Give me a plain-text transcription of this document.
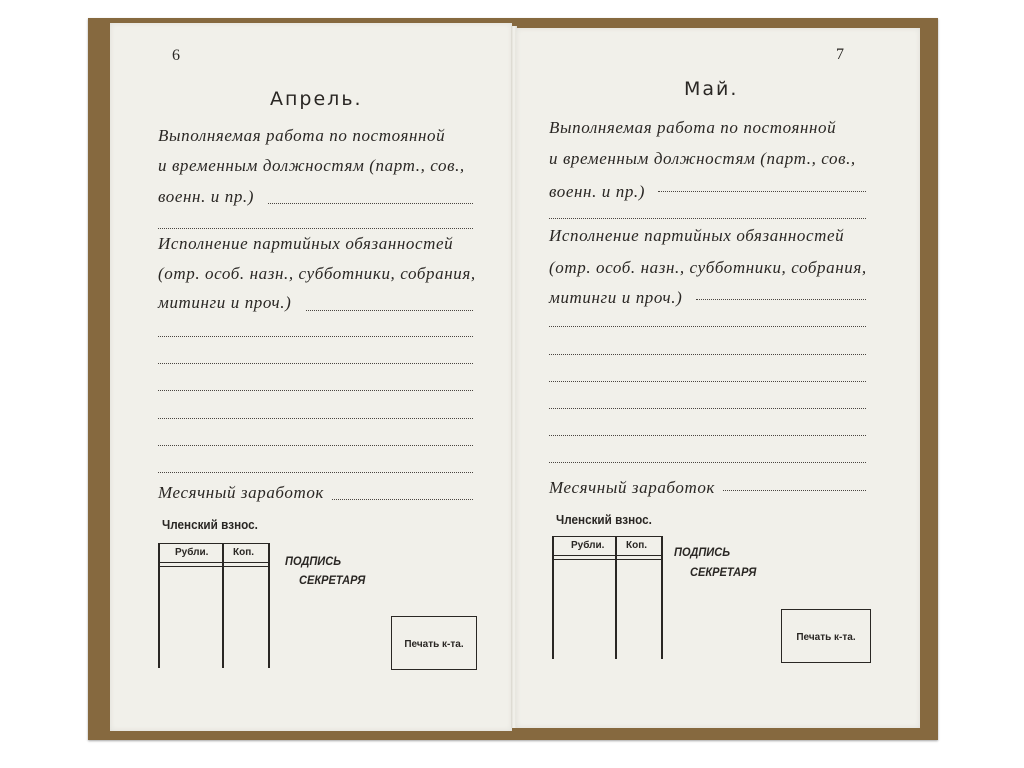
6
Апрель.
Выполняемая работа по постоянной
и временным должностям (парт., сов.,
военн. и пр.)
Исполнение партийных обязанностей
(отр. особ. назн., субботники, собрания,
митинги и проч.)
Месячный заработок
Членский взнос.
Рубли. Коп.
ПОДПИСЬ
СЕКРЕТАРЯ
Печать к-та.
7
Май.
Выполняемая работа по постоянной
и временным должностям (парт., сов.,
военн. и пр.)
Исполнение партийных обязанностей
(отр. особ. назн., субботники, собрания,
митинги и проч.)
Месячный заработок
Членский взнос.
Рубли. Коп. ПОДПИСЬ
СЕКРЕТАРЯ
Печать к-та.
